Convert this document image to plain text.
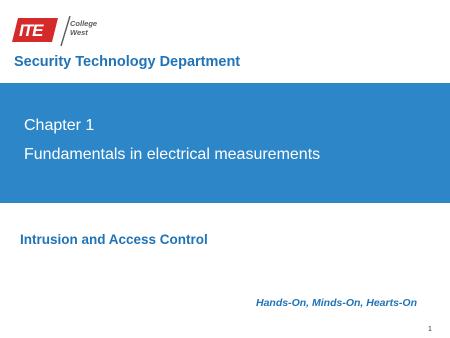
ITE	College
West
Security Technology Department
Chapter 1
Fundamentals in electrical measurements
Intrusion and Access Control
Hands-On, Minds-On, Hearts-On
1
